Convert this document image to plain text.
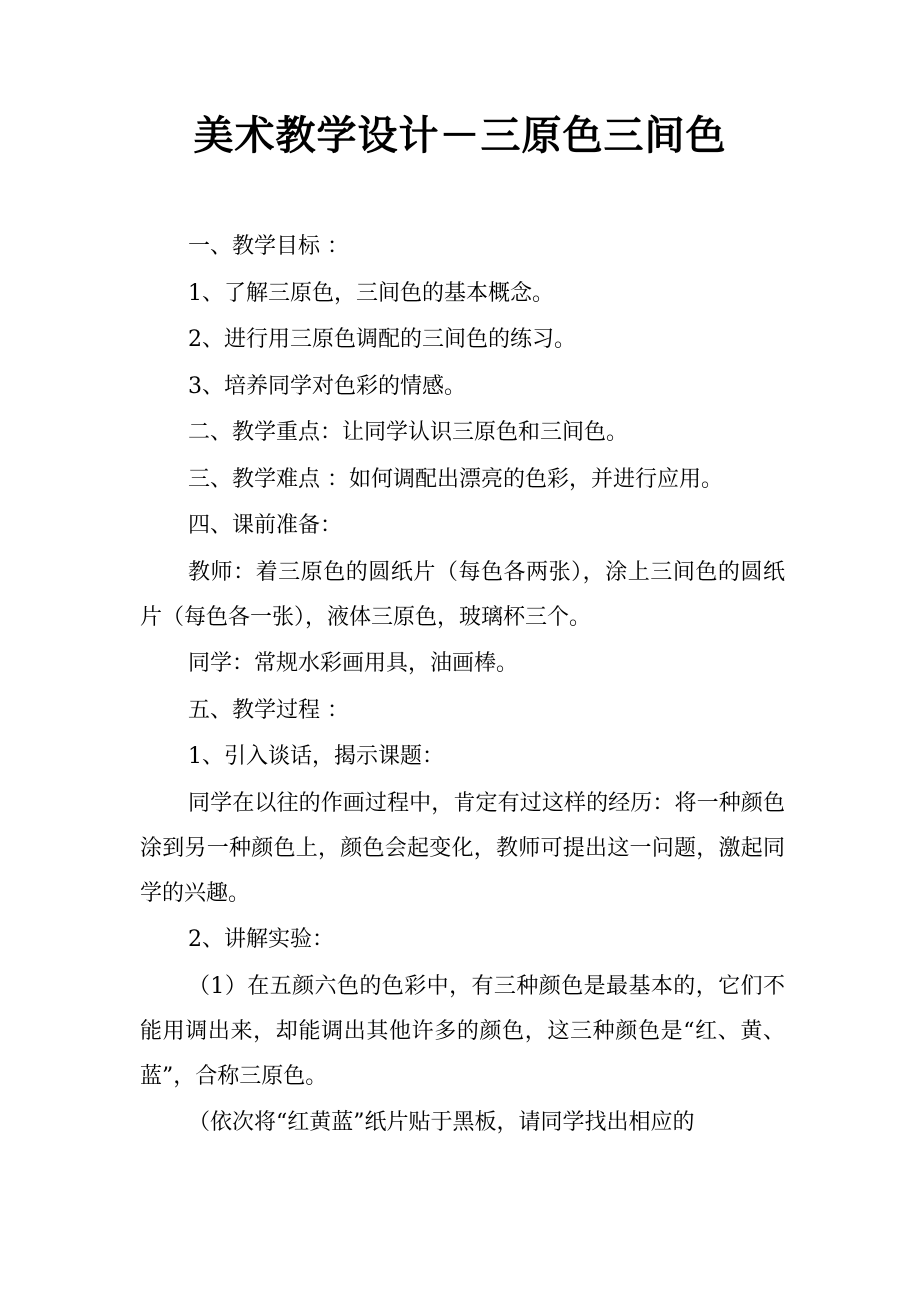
美术教学设计－三原色三间色

一、教学目标 ：

1、了解三原色，三间色的基本概念。

2、进行用三原色调配的三间色的练习。

3、培养同学对色彩的情感。

二、教学重点：让同学认识三原色和三间色。

三、教学难点 ：如何调配出漂亮的色彩，并进行应用。

四、课前准备：

教师：着三原色的圆纸片（每色各两张），涂上三间色的圆纸片（每色各一张），液体三原色，玻璃杯三个。

同学：常规水彩画用具，油画棒。

五、教学过程 ：

1、引入谈话，揭示课题：

同学在以往的作画过程中，肯定有过这样的经历：将一种颜色涂到另一种颜色上，颜色会起变化，教师可提出这一问题，激起同学的兴趣。

2、讲解实验：

（1）在五颜六色的色彩中，有三种颜色是最基本的，它们不能用调出来，却能调出其他许多的颜色，这三种颜色是“红、黄、蓝”，合称三原色。

（依次将“红黄蓝”纸片贴于黑板，请同学找出相应的
